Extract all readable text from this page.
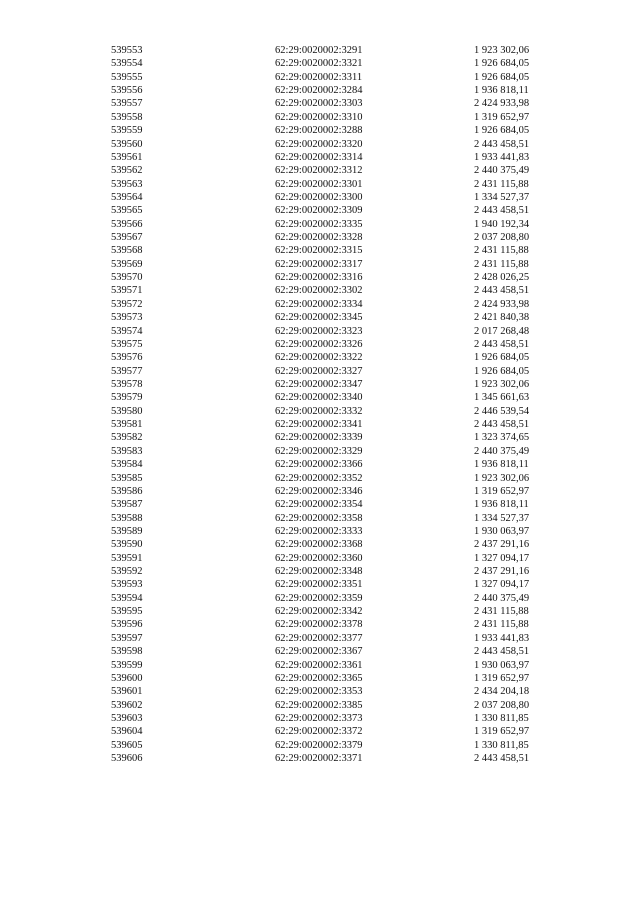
539553	62:29:0020002:3291	1 923 302,06
539554	62:29:0020002:3321	1 926 684,05
539555	62:29:0020002:3311	1 926 684,05
539556	62:29:0020002:3284	1 936 818,11
539557	62:29:0020002:3303	2 424 933,98
539558	62:29:0020002:3310	1 319 652,97
539559	62:29:0020002:3288	1 926 684,05
539560	62:29:0020002:3320	2 443 458,51
539561	62:29:0020002:3314	1 933 441,83
539562	62:29:0020002:3312	2 440 375,49
539563	62:29:0020002:3301	2 431 115,88
539564	62:29:0020002:3300	1 334 527,37
539565	62:29:0020002:3309	2 443 458,51
539566	62:29:0020002:3335	1 940 192,34
539567	62:29:0020002:3328	2 037 208,80
539568	62:29:0020002:3315	2 431 115,88
539569	62:29:0020002:3317	2 431 115,88
539570	62:29:0020002:3316	2 428 026,25
539571	62:29:0020002:3302	2 443 458,51
539572	62:29:0020002:3334	2 424 933,98
539573	62:29:0020002:3345	2 421 840,38
539574	62:29:0020002:3323	2 017 268,48
539575	62:29:0020002:3326	2 443 458,51
539576	62:29:0020002:3322	1 926 684,05
539577	62:29:0020002:3327	1 926 684,05
539578	62:29:0020002:3347	1 923 302,06
539579	62:29:0020002:3340	1 345 661,63
539580	62:29:0020002:3332	2 446 539,54
539581	62:29:0020002:3341	2 443 458,51
539582	62:29:0020002:3339	1 323 374,65
539583	62:29:0020002:3329	2 440 375,49
539584	62:29:0020002:3366	1 936 818,11
539585	62:29:0020002:3352	1 923 302,06
539586	62:29:0020002:3346	1 319 652,97
539587	62:29:0020002:3354	1 936 818,11
539588	62:29:0020002:3358	1 334 527,37
539589	62:29:0020002:3333	1 930 063,97
539590	62:29:0020002:3368	2 437 291,16
539591	62:29:0020002:3360	1 327 094,17
539592	62:29:0020002:3348	2 437 291,16
539593	62:29:0020002:3351	1 327 094,17
539594	62:29:0020002:3359	2 440 375,49
539595	62:29:0020002:3342	2 431 115,88
539596	62:29:0020002:3378	2 431 115,88
539597	62:29:0020002:3377	1 933 441,83
539598	62:29:0020002:3367	2 443 458,51
539599	62:29:0020002:3361	1 930 063,97
539600	62:29:0020002:3365	1 319 652,97
539601	62:29:0020002:3353	2 434 204,18
539602	62:29:0020002:3385	2 037 208,80
539603	62:29:0020002:3373	1 330 811,85
539604	62:29:0020002:3372	1 319 652,97
539605	62:29:0020002:3379	1 330 811,85
539606	62:29:0020002:3371	2 443 458,51
